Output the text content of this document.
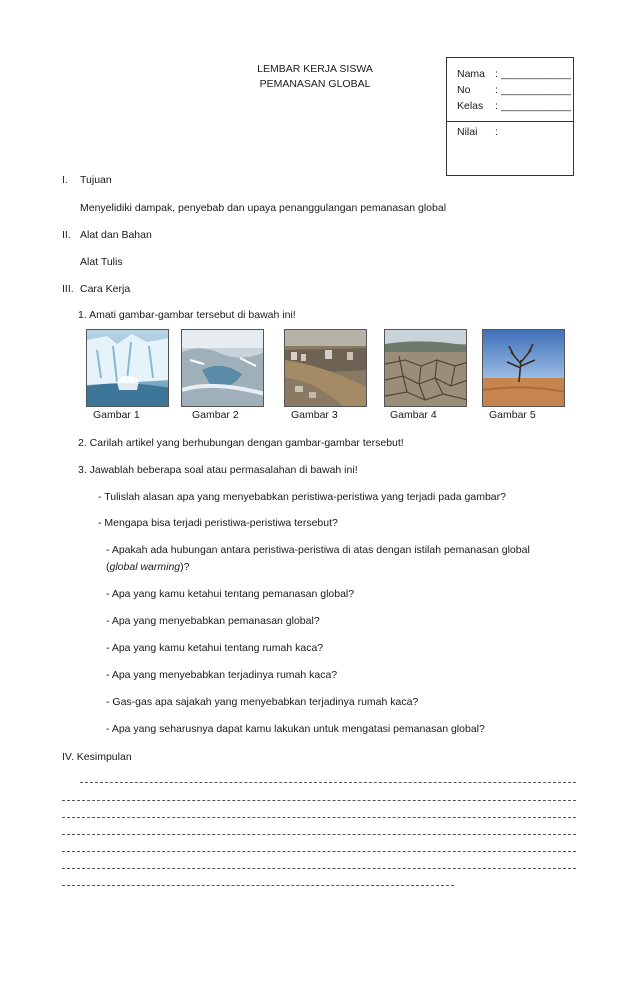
LEMBAR KERJA SISWA
PEMANASAN GLOBAL
Nama : ____________
No : ____________
Kelas : ____________
Nilai :
I. Tujuan
Menyelidiki dampak, penyebab dan upaya penanggulangan pemanasan global
II. Alat dan Bahan
Alat Tulis
III. Cara Kerja
1. Amati gambar-gambar tersebut di bawah ini!
Gambar 1	Gambar 2	Gambar 3	Gambar 4	Gambar 5
2. Carilah artikel yang berhubungan dengan gambar-gambar tersebut!
3. Jawablah beberapa soal atau permasalahan di bawah ini!
- Tulislah alasan apa yang menyebabkan peristiwa-peristiwa yang terjadi pada gambar?
- Mengapa bisa terjadi peristiwa-peristiwa tersebut?
- Apakah ada hubungan antara peristiwa-peristiwa di atas dengan istilah pemanasan global
(global warming)?
- Apa yang kamu ketahui tentang pemanasan global?
- Apa yang menyebabkan pemanasan global?
- Apa yang kamu ketahui tentang rumah kaca?
- Apa yang menyebabkan terjadinya rumah kaca?
- Gas-gas apa sajakah yang menyebabkan terjadinya rumah kaca?
- Apa yang seharusnya dapat kamu lakukan untuk mengatasi pemanasan global?
IV. Kesimpulan
